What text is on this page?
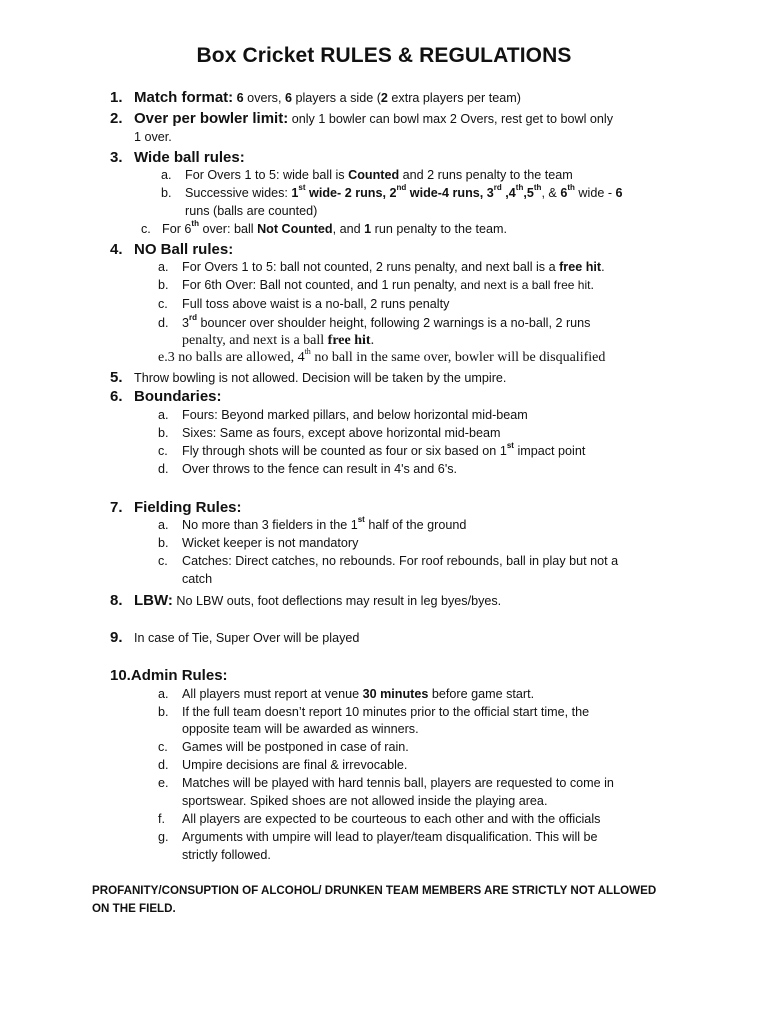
Box Cricket RULES & REGULATIONS
1. Match format: 6 overs, 6 players a side (2 extra players per team)
2. Over per bowler limit: only 1 bowler can bowl max 2 Overs, rest get to bowl only
1 over.
3. Wide ball rules:
a. For Overs 1 to 5: wide ball is Counted and 2 runs penalty to the team
b. Successive wides: 1st wide- 2 runs, 2nd wide-4 runs, 3rd ,4th,5th, & 6th wide - 6
runs (balls are counted)
c. For 6th over: ball Not Counted, and 1 run penalty to the team.
4. NO Ball rules:
a. For Overs 1 to 5: ball not counted, 2 runs penalty, and next ball is a free hit.
b. For 6th Over: Ball not counted, and 1 run penalty, and next is a ball free hit.
c. Full toss above waist is a no-ball, 2 runs penalty
d. 3rd bouncer over shoulder height, following 2 warnings is a no-ball, 2 runs
penalty, and next is a ball free hit.
e.3 no balls are allowed, 4th no ball in the same over, bowler will be disqualified
5. Throw bowling is not allowed. Decision will be taken by the umpire.
6. Boundaries:
a. Fours: Beyond marked pillars, and below horizontal mid-beam
b. Sixes: Same as fours, except above horizontal mid-beam
c. Fly through shots will be counted as four or six based on 1st impact point
d. Over throws to the fence can result in 4's and 6's.
7. Fielding Rules:
a. No more than 3 fielders in the 1st half of the ground
b. Wicket keeper is not mandatory
c. Catches: Direct catches, no rebounds. For roof rebounds, ball in play but not a
catch
8. LBW: No LBW outs, foot deflections may result in leg byes/byes.
9. In case of Tie, Super Over will be played
10.Admin Rules:
a. All players must report at venue 30 minutes before game start.
b. If the full team doesn’t report 10 minutes prior to the official start time, the
opposite team will be awarded as winners.
c. Games will be postponed in case of rain.
d. Umpire decisions are final & irrevocable.
e. Matches will be played with hard tennis ball, players are requested to come in
sportswear. Spiked shoes are not allowed inside the playing area.
f. All players are expected to be courteous to each other and with the officials
g. Arguments with umpire will lead to player/team disqualification. This will be
strictly followed.
PROFANITY/CONSUPTION OF ALCOHOL/ DRUNKEN TEAM MEMBERS ARE STRICTLY NOT ALLOWED
ON THE FIELD.
